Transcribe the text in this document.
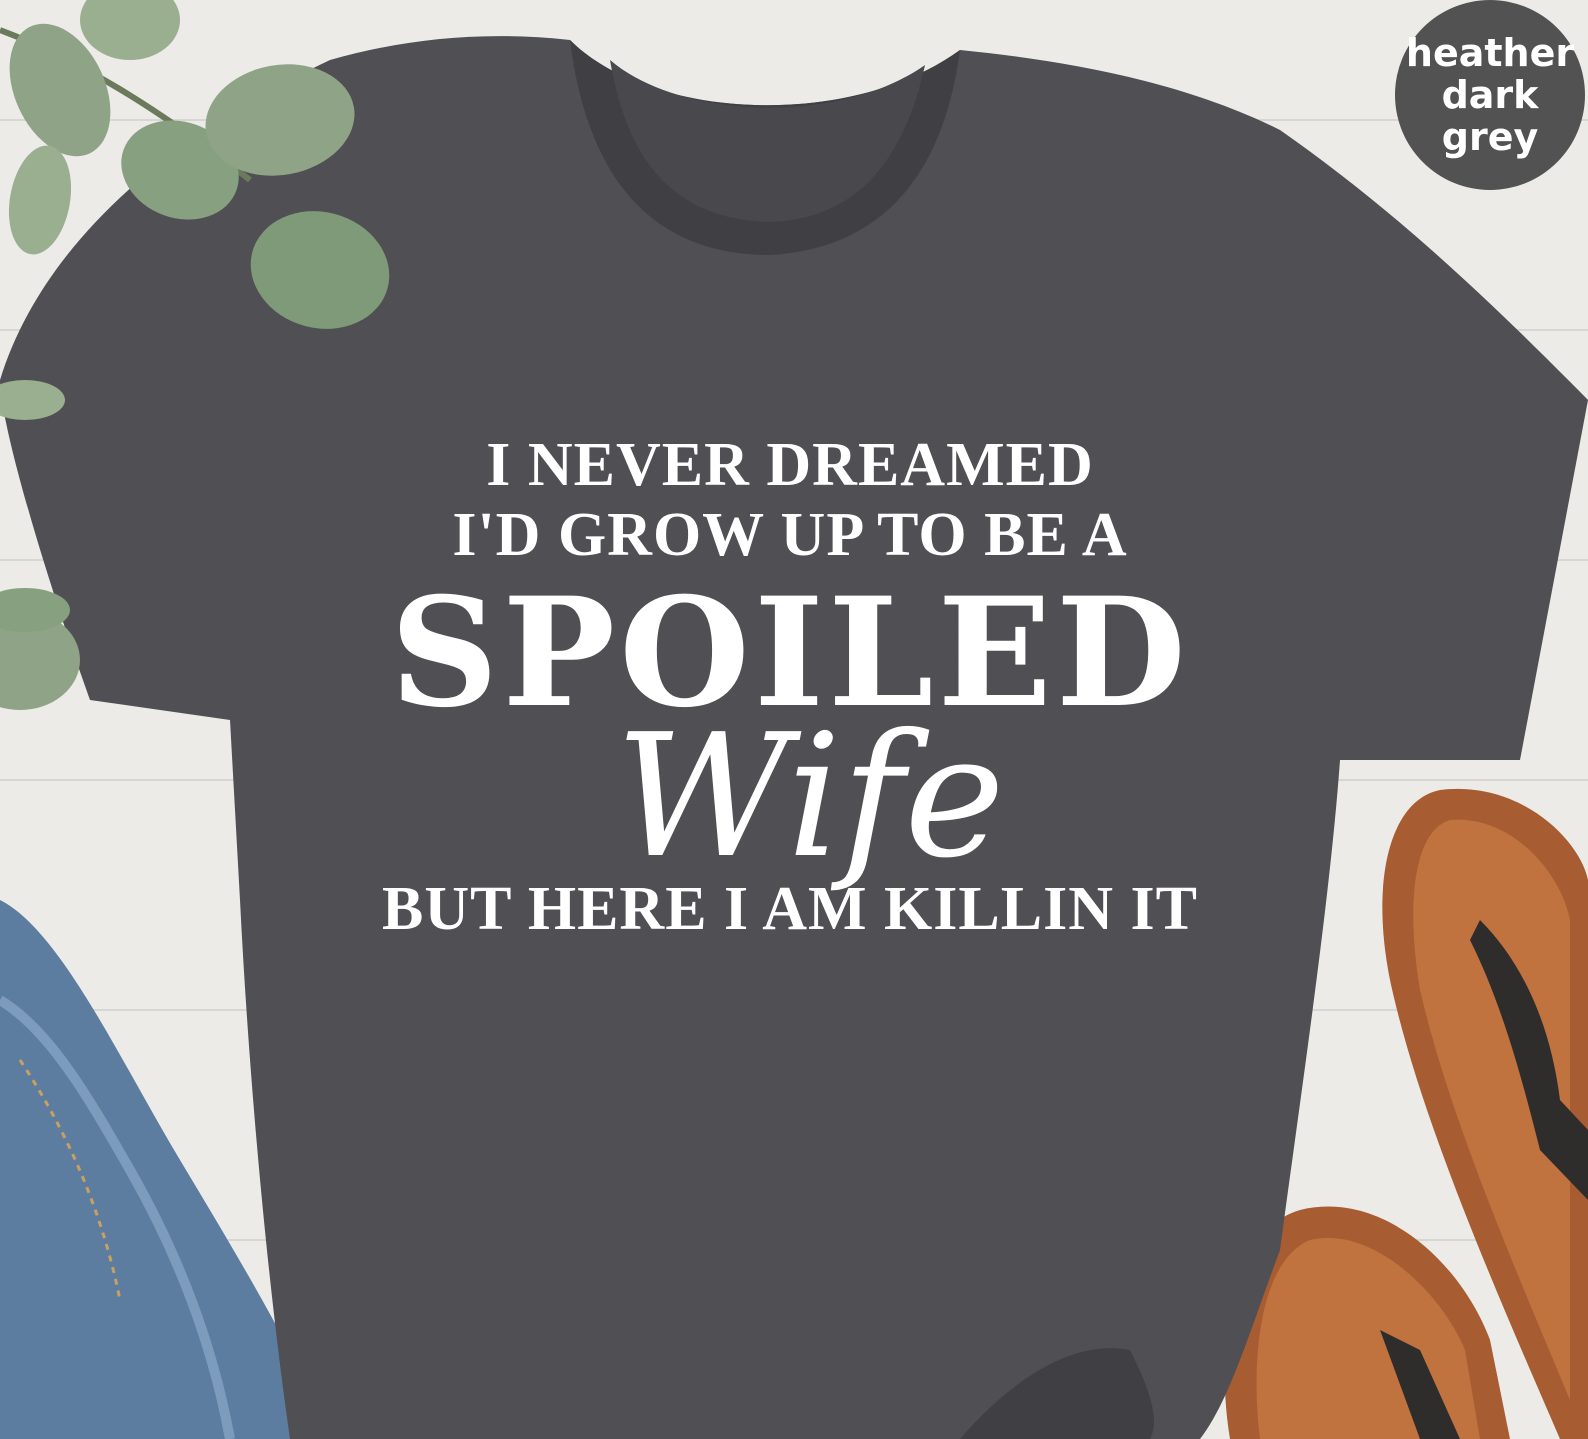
I NEVER DREAMED

I'D GROW UP TO BE A

SPOILED

Wife

BUT HERE I AM KILLIN IT

heather
dark
grey
